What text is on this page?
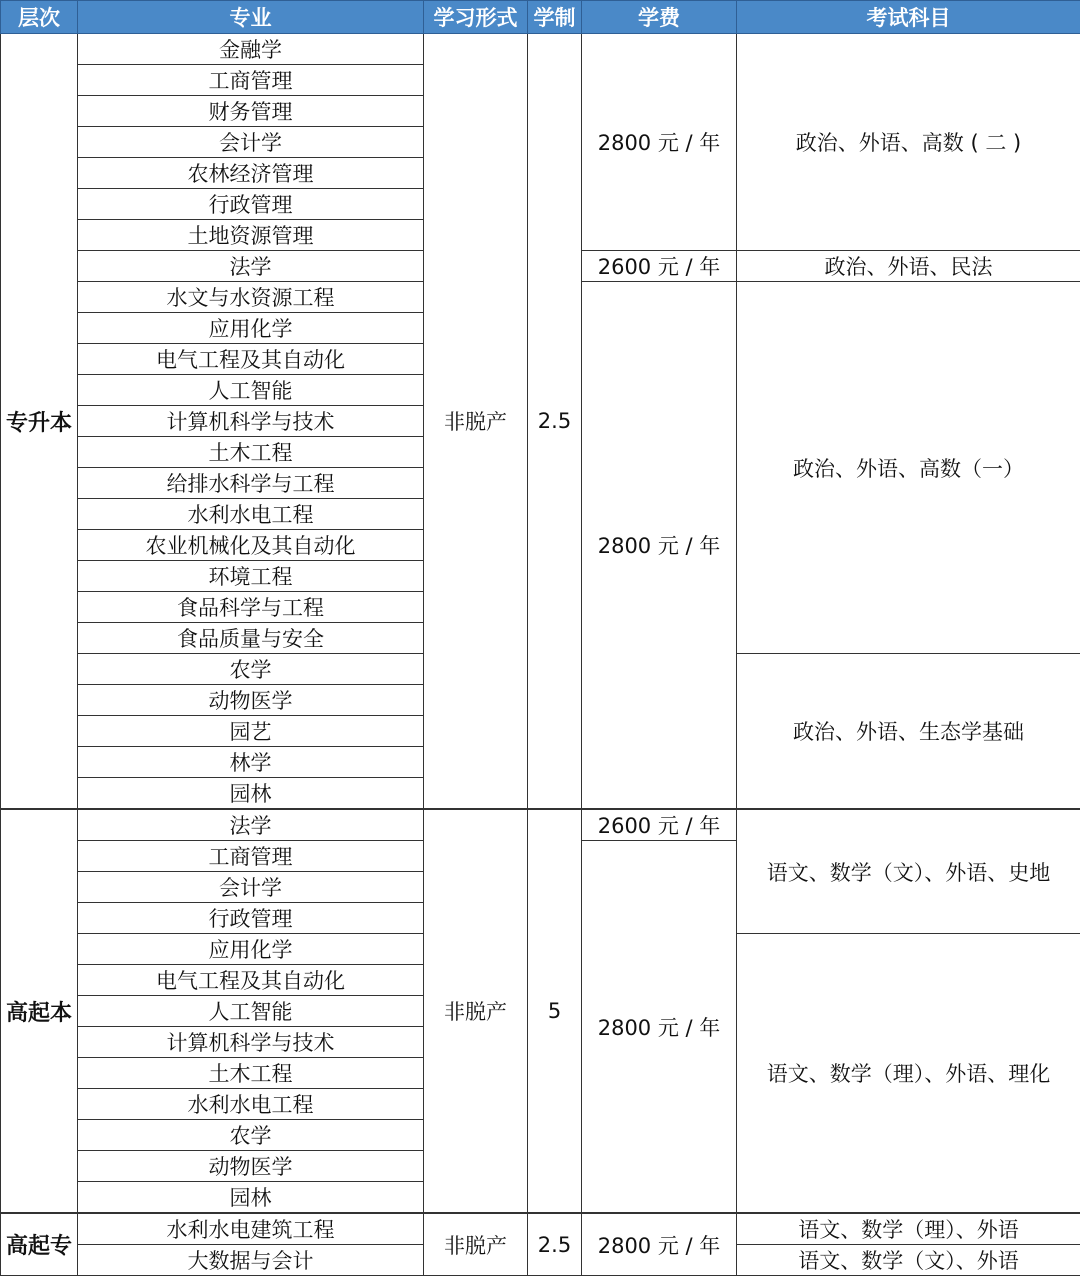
层次	专业	学习形式	学制	学费	考试科目
专升本	金融学	非脱产	2.5	2800 元 / 年	政治、外语、高数 ( 二 )
	工商管理				
	财务管理				
	会计学				
	农林经济管理				
	行政管理				
	土地资源管理				
	法学			2600 元 / 年	政治、外语、民法
	水文与水资源工程			2800 元 / 年	政治、外语、高数（一）
	应用化学				
	电气工程及其自动化				
	人工智能				
	计算机科学与技术				
	土木工程				
	给排水科学与工程				
	水利水电工程				
	农业机械化及其自动化				
	环境工程				
	食品科学与工程				
	食品质量与安全				
	农学				政治、外语、生态学基础
	动物医学				
	园艺				
	林学				
	园林				
高起本	法学	非脱产	5	2600 元 / 年	语文、数学（文）、外语、史地
	工商管理			2800 元 / 年	
	会计学				
	行政管理				
	应用化学				语文、数学（理）、外语、理化
	电气工程及其自动化				
	人工智能				
	计算机科学与技术				
	土木工程				
	水利水电工程				
	农学				
	动物医学				
	园林				
高起专	水利水电建筑工程	非脱产	2.5	2800 元 / 年	语文、数学（理）、外语
	大数据与会计				语文、数学（文）、外语
